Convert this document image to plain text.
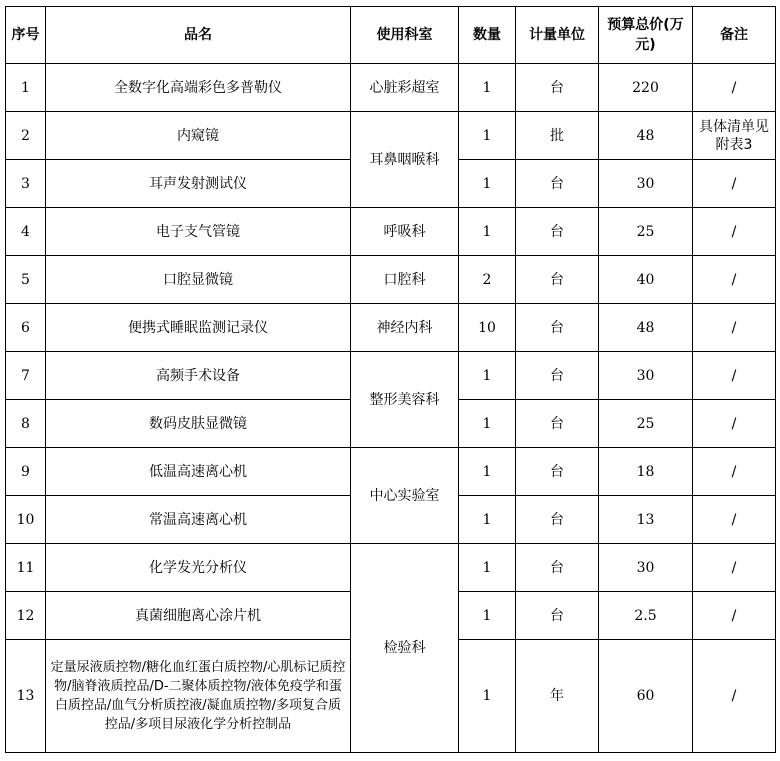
序号	品名	使用科室	数量	计量单位	预算总价(万元)	备注
1	全数字化高端彩色多普勒仪	心脏彩超室	1	台	220	/
2	内窥镜	耳鼻咽喉科	1	批	48	具体清单见附表3
3	耳声发射测试仪		1	台	30	/
4	电子支气管镜	呼吸科	1	台	25	/
5	口腔显微镜	口腔科	2	台	40	/
6	便携式睡眠监测记录仪	神经内科	10	台	48	/
7	高频手术设备	整形美容科	1	台	30	/
8	数码皮肤显微镜		1	台	25	/
9	低温高速离心机	中心实验室	1	台	18	/
10	常温高速离心机		1	台	13	/
11	化学发光分析仪	检验科	1	台	30	/
12	真菌细胞离心涂片机		1	台	2.5	/
13	定量尿液质控物/糖化血红蛋白质控物/心肌标记质控物/脑脊液质控品/D-二聚体质控物/液体免疫学和蛋白质控品/血气分析质控液/凝血质控物/多项复合质控品/多项目尿液化学分析控制品		1	年	60	/
